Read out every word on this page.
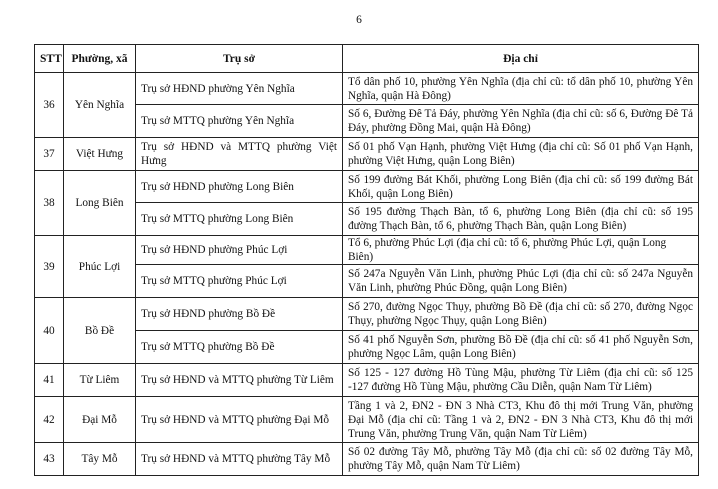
6
STT	Phường, xã	Trụ sở	Địa chỉ
36	Yên Nghĩa	Trụ sở HĐND phường Yên Nghĩa	Tổ dân phố 10, phường Yên Nghĩa (địa chỉ cũ: tổ dân phố 10, phường Yên Nghĩa, quận Hà Đông)
		Trụ sở MTTQ phường Yên Nghĩa	Số 6, Đường Đê Tả Đáy, phường Yên Nghĩa (địa chỉ cũ: số 6, Đường Đê Tả Đáy, phường Đồng Mai, quận Hà Đông)
37	Việt Hưng	Trụ sở HĐND và MTTQ phường Việt Hưng	Số 01 phố Vạn Hạnh, phường Việt Hưng (địa chỉ cũ: Số 01 phố Vạn Hạnh, phường Việt Hưng, quận Long Biên)
38	Long Biên	Trụ sở HĐND phường Long Biên	Số 199 đường Bát Khối, phường Long Biên (địa chỉ cũ: số 199 đường Bát Khối, quận Long Biên)
		Trụ sở MTTQ phường Long Biên	Số 195 đường Thạch Bàn, tổ 6, phường Long Biên (địa chỉ cũ: số 195 đường Thạch Bàn, tổ 6, phường Thạch Bàn, quận Long Biên)
39	Phúc Lợi	Trụ sở HĐND phường Phúc Lợi	Tổ 6, phường Phúc Lợi (địa chỉ cũ: tổ 6, phường Phúc Lợi, quận Long Biên)
		Trụ sở MTTQ phường Phúc Lợi	Số 247a Nguyễn Văn Linh, phường Phúc Lợi (địa chỉ cũ: số 247a Nguyễn Văn Linh, phường Phúc Đồng, quận Long Biên)
40	Bồ Đề	Trụ sở HĐND phường Bồ Đề	Số 270, đường Ngọc Thụy, phường Bồ Đề (địa chỉ cũ: số 270, đường Ngọc Thụy, phường Ngọc Thụy, quận Long Biên)
		Trụ sở MTTQ phường Bồ Đề	Số 41 phố Nguyễn Sơn, phường Bồ Đề (địa chỉ cũ: số 41 phố Nguyễn Sơn, phường Ngọc Lâm, quận Long Biên)
41	Từ Liêm	Trụ sở HĐND và MTTQ phường Từ Liêm	Số 125 - 127 đường Hồ Tùng Mậu, phường Từ Liêm (địa chỉ cũ: số 125 -127 đường Hồ Tùng Mậu, phường Cầu Diễn, quận Nam Từ Liêm)
42	Đại Mỗ	Trụ sở HĐND và MTTQ phường Đại Mỗ	Tầng 1 và 2, ĐN2 - ĐN 3 Nhà CT3, Khu đô thị mới Trung Văn, phường Đại Mỗ (địa chỉ cũ: Tầng 1 và 2, ĐN2 - ĐN 3 Nhà CT3, Khu đô thị mới Trung Văn, phường Trung Văn, quận Nam Từ Liêm)
43	Tây Mỗ	Trụ sở HĐND và MTTQ phường Tây Mỗ	Số 02 đường Tây Mỗ, phường Tây Mỗ (địa chỉ cũ: số 02 đường Tây Mỗ, phường Tây Mỗ, quận Nam Từ Liêm)
